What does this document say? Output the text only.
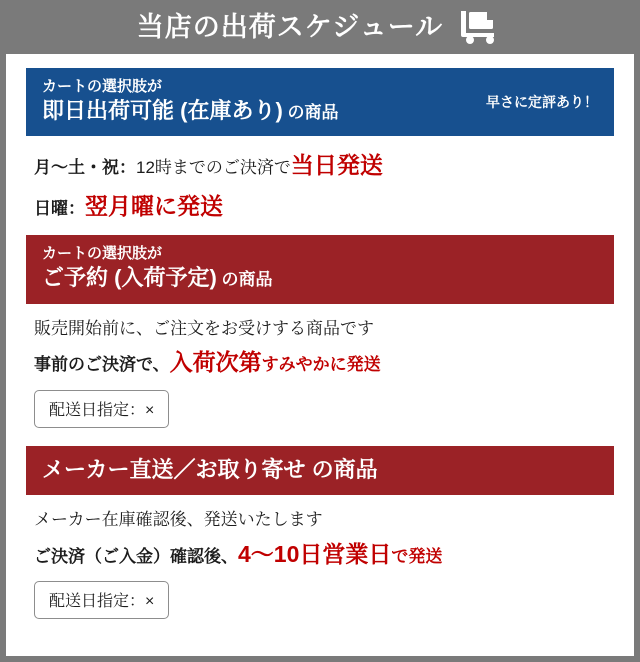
当店の出荷スケジュール
カートの選択肢が
即日出荷可能 (在庫あり) の商品
早さに定評あり！
月～土・祝：12時までのご決済で当日発送
日曜：翌月曜に発送
カートの選択肢が
ご予約 (入荷予定) の商品
販売開始前に、ご注文をお受けする商品です
事前のご決済で、入荷次第すみやかに発送
配送日指定：×
メーカー直送／お取り寄せ の商品
メーカー在庫確認後、発送いたします
ご決済（ご入金）確認後、4～10日営業日で発送
配送日指定：×
